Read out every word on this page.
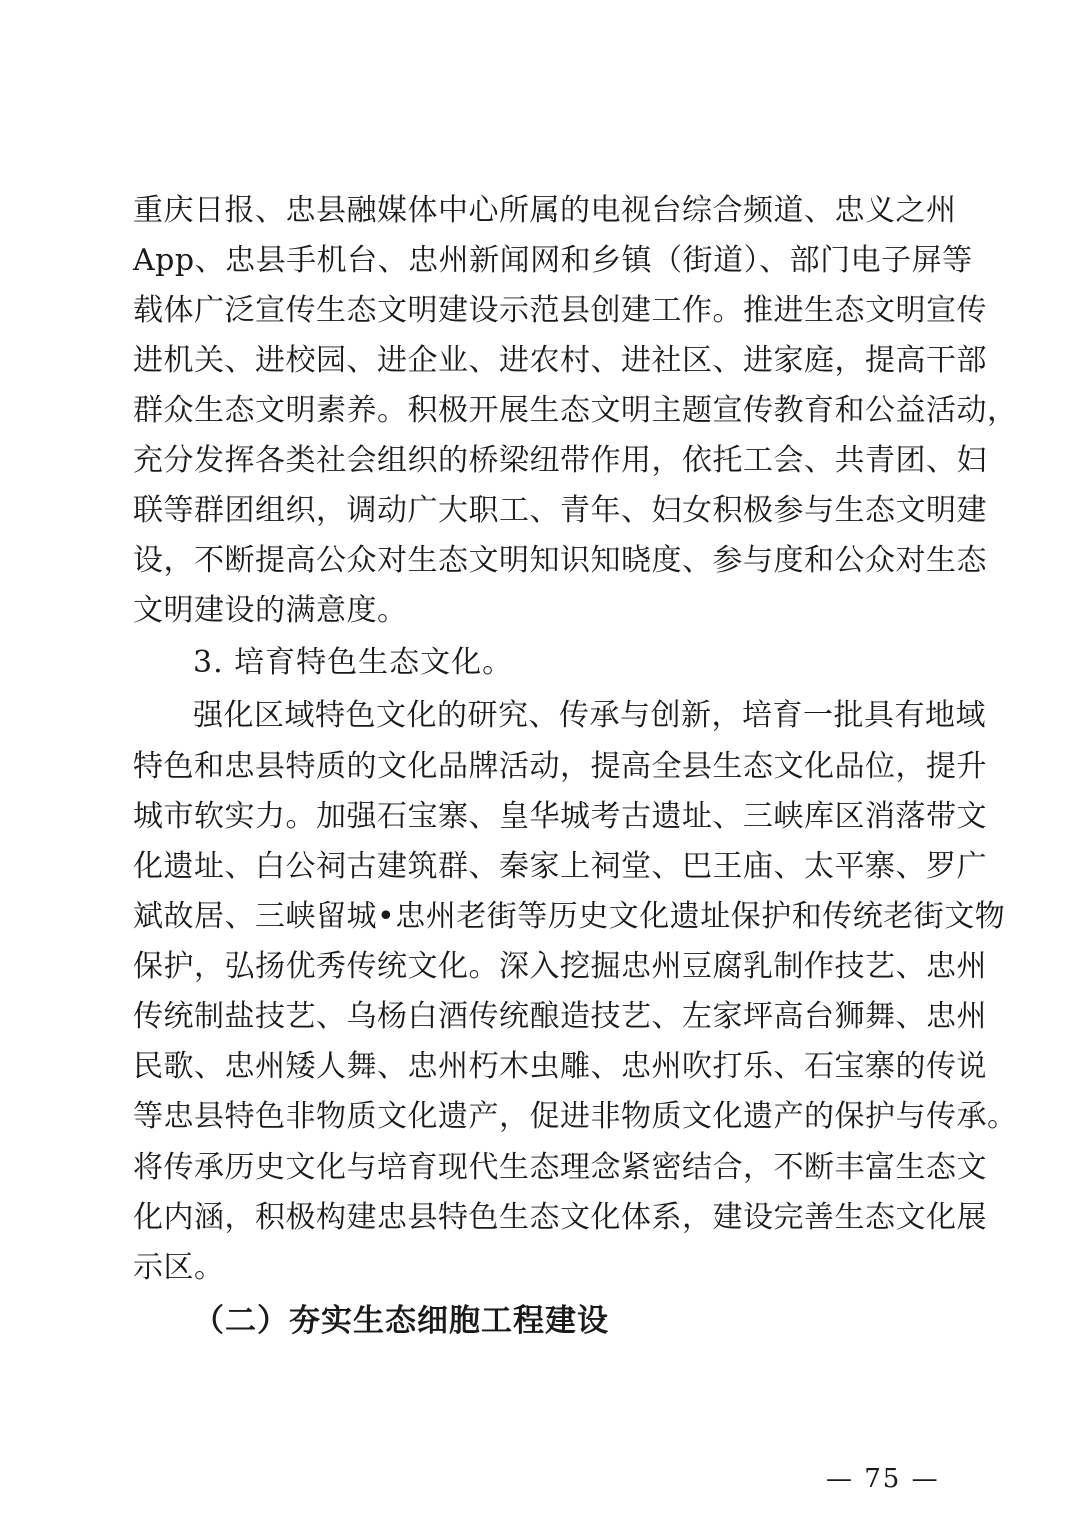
重庆日报、忠县融媒体中心所属的电视台综合频道、忠义之州
App、忠县手机台、忠州新闻网和乡镇（街道）、部门电子屏等
载体广泛宣传生态文明建设示范县创建工作。推进生态文明宣传
进机关、进校园、进企业、进农村、进社区、进家庭，提高干部
群众生态文明素养。积极开展生态文明主题宣传教育和公益活动，
充分发挥各类社会组织的桥梁纽带作用，依托工会、共青团、妇
联等群团组织，调动广大职工、青年、妇女积极参与生态文明建
设，不断提高公众对生态文明知识知晓度、参与度和公众对生态
文明建设的满意度。
3. 培育特色生态文化。
强化区域特色文化的研究、传承与创新，培育一批具有地域
特色和忠县特质的文化品牌活动，提高全县生态文化品位，提升
城市软实力。加强石宝寨、皇华城考古遗址、三峡库区消落带文
化遗址、白公祠古建筑群、秦家上祠堂、巴王庙、太平寨、罗广
斌故居、三峡留城•忠州老街等历史文化遗址保护和传统老街文物
保护，弘扬优秀传统文化。深入挖掘忠州豆腐乳制作技艺、忠州
传统制盐技艺、乌杨白酒传统酿造技艺、左家坪高台狮舞、忠州
民歌、忠州矮人舞、忠州朽木虫雕、忠州吹打乐、石宝寨的传说
等忠县特色非物质文化遗产，促进非物质文化遗产的保护与传承。
将传承历史文化与培育现代生态理念紧密结合，不断丰富生态文
化内涵，积极构建忠县特色生态文化体系，建设完善生态文化展
示区。
（二）夯实生态细胞工程建设
— 75 —
